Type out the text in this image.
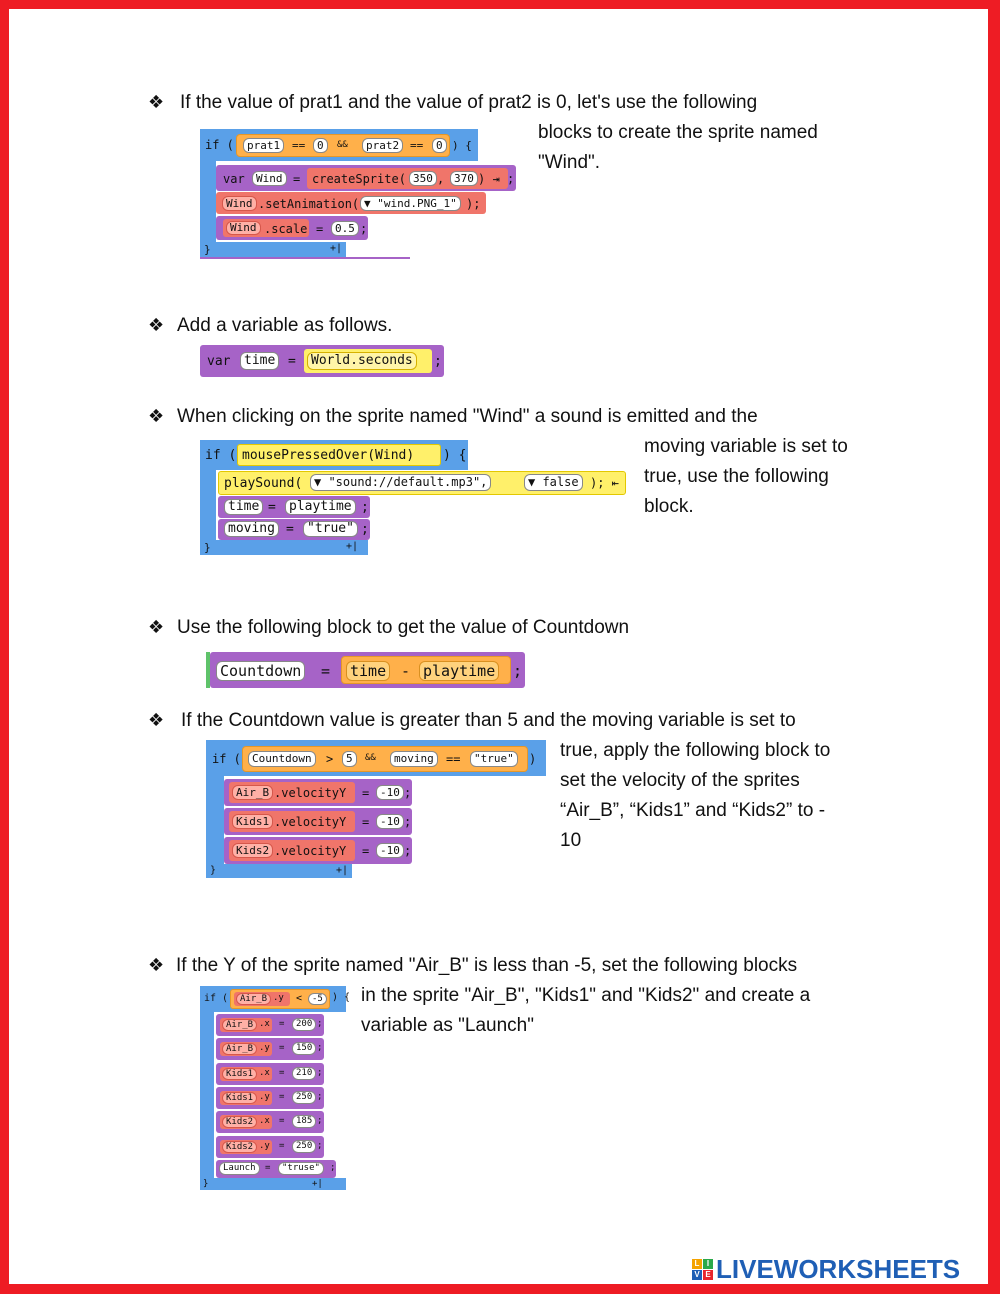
❖ If the value of prat1 and the value of prat2 is 0, let's use the following
blocks to create the sprite named
"Wind".
if (	prat1	==	0	&&	prat2 ==	0 ) {
var	Wind = createSprite( 350 , 370 ) ⇥ ;
Wind .setAnimation( ▼ "wind.PNG_1" );
Wind .scale =	0.5 ;
}	+|
❖ Add a variable as follows.
var	time =	World.seconds	;
❖ When clicking on the sprite named "Wind" a sound is emitted and the
moving variable is set to
true, use the following
block.
if ( mousePressedOver(Wind) ) {
playSound( ▼ "sound://default.mp3",	▼ false ); ⇤
time =	playtime ;
moving =	"true" ;
}	+|
❖ Use the following block to get the value of Countdown
Countdown = time - playtime ;
❖ If the Countdown value is greater than 5 and the moving variable is set to
true, apply the following block to
set the velocity of the sprites
“Air_B”, “Kids1” and “Kids2” to -
10
if (	Countdown	>	5	&&	moving	==	"true"	)
Air_B .velocityY = -10 ;
Kids1 .velocityY = -10 ;
Kids2 .velocityY = -10 ;
}	+|
❖ If the Y of the sprite named "Air_B" is less than -5, set the following blocks
in the sprite "Air_B", "Kids1" and "Kids2" and create a
variable as "Launch"
if (	Air_B .y <	-5 ) {
Air_B .x =	200 ;
Air_B .y =	150 ;
Kids1 .x =	210 ;
Kids1 .y =	250 ;
Kids2 .x =	185 ;
Kids2 .y =	250 ;
Launch	=	"truse"	;
}	+|
L I
V E LIVEWORKSHEETS
